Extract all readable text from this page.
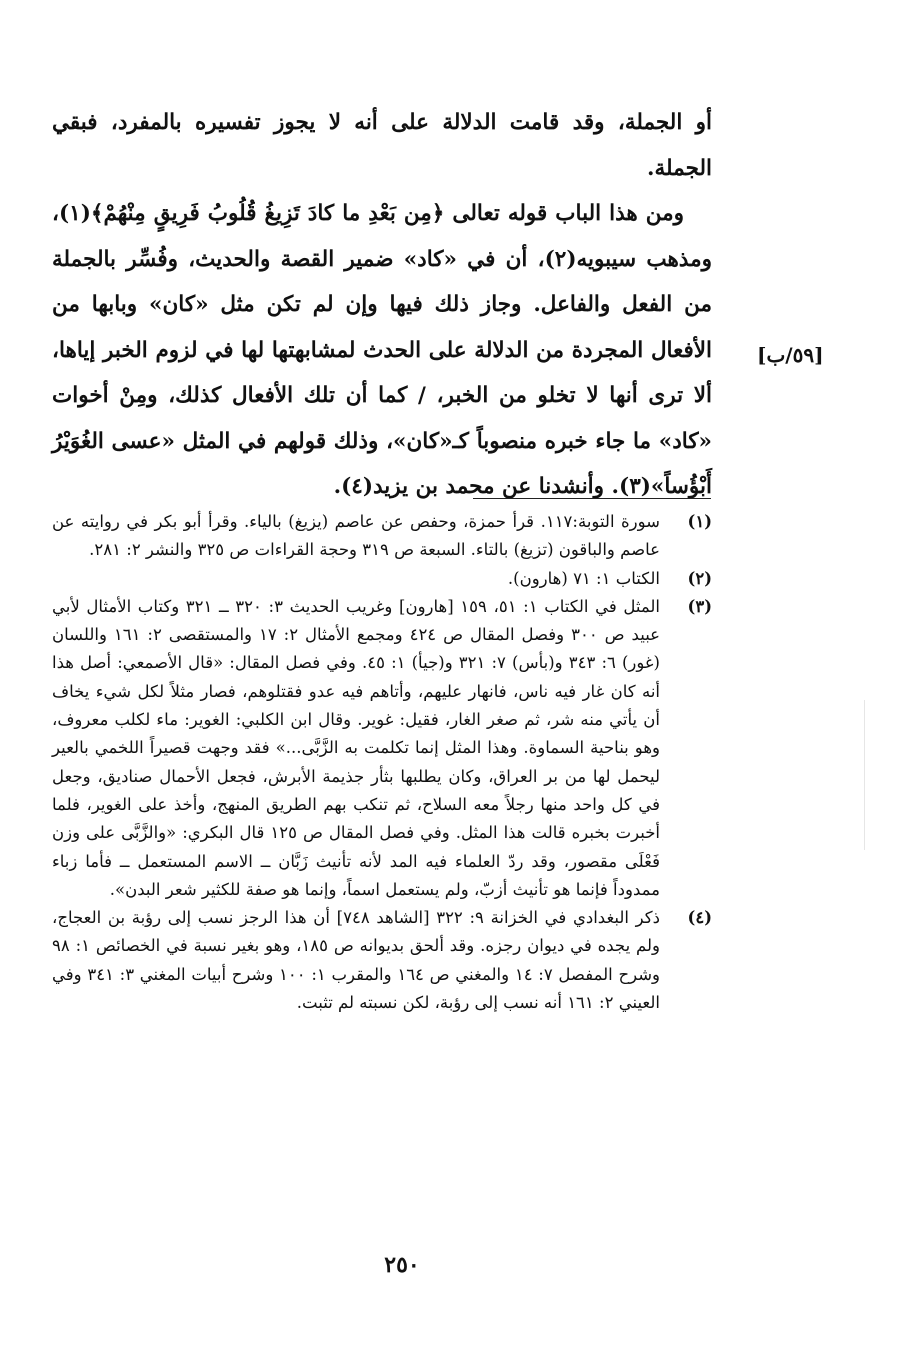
أو الجملة، وقد قامت الدلالة على أنه لا يجوز تفسيره بالمفرد، فبقي الجملة.

ومن هذا الباب قوله تعالى ﴿مِن بَعْدِ ما كادَ تَزِيغُ قُلُوبُ فَرِيقٍ مِنْهُمْ﴾(١)، ومذهب سيبويه(٢)، أن في «كاد» ضمير القصة والحديث، وفُسِّر بالجملة من الفعل والفاعل. وجاز ذلك فيها وإن لم تكن مثل «كان» وبابها من الأفعال المجردة من الدلالة على الحدث لمشابهتها لها في لزوم الخبر إياها، ألا ترى أنها لا تخلو من الخبر، / كما أن تلك الأفعال كذلك، ومِنْ أخوات «كاد» ما جاء خبره منصوباً كـ«كان»، وذلك قولهم في المثل «عسى الغُوَيْرُ أَبْؤُساً»(٣). وأنشدنا عن محمد بن يزيد(٤).

[٥٩/ب]
(١)
سورة التوبة:١١٧. قرأ حمزة، وحفص عن عاصم (يزيغ) بالياء. وقرأ أبو بكر في روايته عن عاصم والباقون (تزيغ) بالتاء. السبعة ص ٣١٩ وحجة القراءات ص ٣٢٥ والنشر ٢: ٢٨١.
(٢)
الكتاب ١: ٧١ (هارون).
(٣)
المثل في الكتاب ١: ٥١، ١٥٩ [هارون] وغريب الحديث ٣: ٣٢٠ ــ ٣٢١ وكتاب الأمثال لأبي عبيد ص ٣٠٠ وفصل المقال ص ٤٢٤ ومجمع الأمثال ٢: ١٧ والمستقصى ٢: ١٦١ واللسان (غور) ٦: ٣٤٣ و(بأس) ٧: ٣٢١ و(جيأ) ١: ٤٥. وفي فصل المقال: «قال الأصمعي: أصل هذا أنه كان غار فيه ناس، فانهار عليهم، وأتاهم فيه عدو فقتلوهم، فصار مثلاً لكل شيء يخاف أن يأتي منه شر، ثم صغر الغار، فقيل: غوير. وقال ابن الكلبي: الغوير: ماء لكلب معروف، وهو بناحية السماوة. وهذا المثل إنما تكلمت به الزَّبَّى...» فقد وجهت قصيراً اللخمي بالعير ليحمل لها من بر العراق، وكان يطلبها بثأر جذيمة الأبرش، فجعل الأحمال صناديق، وجعل في كل واحد منها رجلاً معه السلاح، ثم تنكب بهم الطريق المنهج، وأخذ على الغوير، فلما أخبرت بخبره قالت هذا المثل. وفي فصل المقال ص ١٢٥ قال البكري: «والزَّبَّى على وزن فَعْلَى مقصور، وقد ردّ العلماء فيه المد لأنه تأنيث زَبَّان ــ الاسم المستعمل ــ فأما زباء ممدوداً فإنما هو تأنيث أزبّ، ولم يستعمل اسماً، وإنما هو صفة للكثير شعر البدن».
(٤)
ذكر البغدادي في الخزانة ٩: ٣٢٢ [الشاهد ٧٤٨] أن هذا الرجز نسب إلى رؤبة بن العجاج، ولم يجده في ديوان رجزه. وقد ألحق بديوانه ص ١٨٥، وهو بغير نسبة في الخصائص ١: ٩٨ وشرح المفصل ٧: ١٤ والمغني ص ١٦٤ والمقرب ١: ١٠٠ وشرح أبيات المغني ٣: ٣٤١ وفي العيني ٢: ١٦١ أنه نسب إلى رؤبة، لكن نسبته لم تثبت.
٢٥٠
